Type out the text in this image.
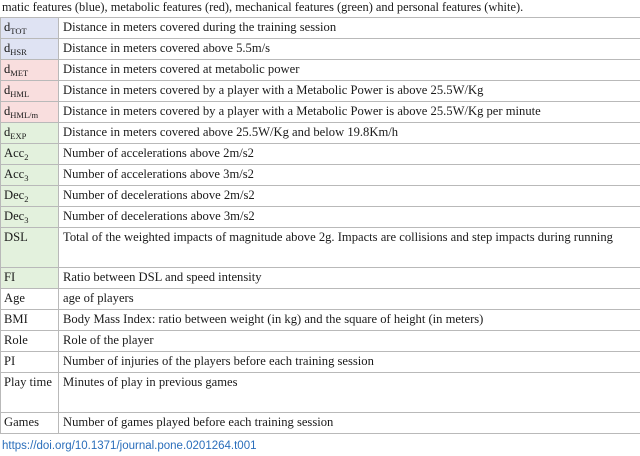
matic features (blue), metabolic features (red), mechanical features (green) and personal features (white).
$d_{TOT}$	Distance in meters covered during the training session
$d_{HSR}$	Distance in meters covered above 5.5m/s
$d_{MET}$	Distance in meters covered at metabolic power
$d_{HML}$	Distance in meters covered by a player with a Metabolic Power is above 25.5W/Kg
$d_{HML/m}$	Distance in meters covered by a player with a Metabolic Power is above 25.5W/Kg per minute
$d_{EXP}$	Distance in meters covered above 25.5W/Kg and below 19.8Km/h
Acc$_2$	Number of accelerations above 2m/s2
Acc$_3$	Number of accelerations above 3m/s2
Dec$_2$	Number of decelerations above 2m/s2
Dec$_3$	Number of decelerations above 3m/s2
DSL	Total of the weighted impacts of magnitude above 2g. Impacts are collisions and step impacts during running
FI	Ratio between DSL and speed intensity
Age	age of players
BMI	Body Mass Index: ratio between weight (in kg) and the square of height (in meters)
Role	Role of the player
PI	Number of injuries of the players before each training session
Play time	Minutes of play in previous games
Games	Number of games played before each training session
https://doi.org/10.1371/journal.pone.0201264.t001
